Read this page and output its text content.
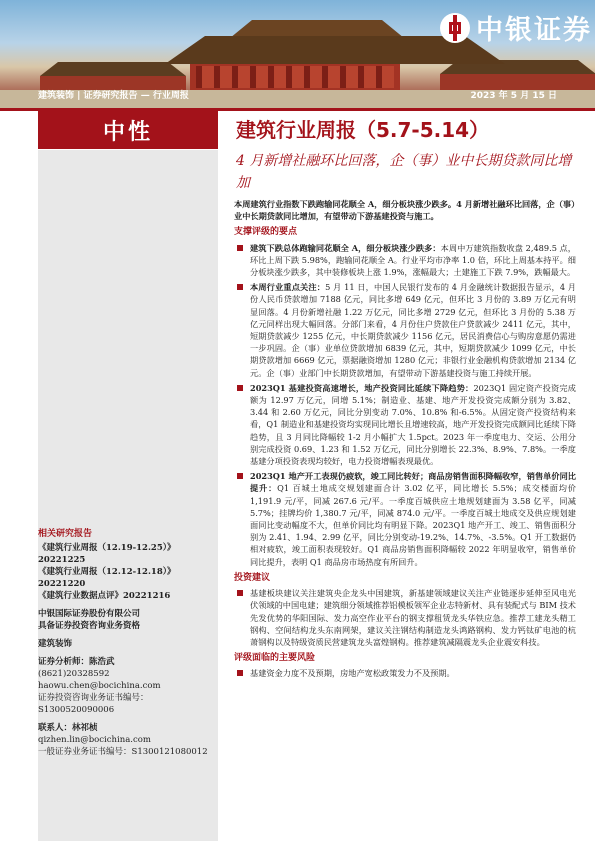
中银证券
建筑装饰 | 证券研究报告 — 行业周报	2023 年 5 月 15 日
中性	建筑行业周报（5.7-5.14）
4 月新增社融环比回落，企（事）业中长期贷款同比增加
相关研究报告
《建筑行业周报（12.19-12.25）》20221225
《建筑行业周报（12.12-12.18）》20221220
《建筑行业数据点评》20221216
中银国际证券股份有限公司
具备证券投资咨询业务资格
建筑装饰
证券分析师：陈浩武
(8621)20328592
haowu.chen@bocichina.com
证券投资咨询业务证书编号：S1300520090006
联系人：林祁桢
qizhen.lin@bocichina.com
一般证券业务证书编号：S1300121080012

本周建筑行业指数下跌跑输同花顺全 A，细分板块涨少跌多。4 月新增社融环比回落，企（事）业中长期贷款同比增加，有望带动下游基建投资与施工。

支撑评级的要点
建筑下跌总体跑输同花顺全 A，细分板块涨少跌多：本周中万建筑指数收盘 2,489.5 点，环比上周下跌 5.98%，跑输同花顺全 A。行业平均市净率 1.0 倍，环比上周基本持平。细分板块涨少跌多，其中装修板块上涨 1.9%，涨幅最大；土建施工下跌 7.9%，跌幅最大。
本周行业重点关注：5 月 11 日，中国人民银行发布的 4 月金融统计数据报告显示，4 月份人民币贷款增加 7188 亿元，同比多增 649 亿元，但环比 3 月份的 3.89 万亿元有明显回落。4 月份新增社融 1.22 万亿元，同比多增 2729 亿元，但环比 3 月份的 5.38 万亿元同样出现大幅回落。分部门来看，4 月份住户贷款住户贷款减少 2411 亿元，其中，短期贷款减少 1255 亿元，中长期贷款减少 1156 亿元，居民消费信心与购房意愿仍需进一步巩固。企（事）业单位贷款增加 6839 亿元，其中，短期贷款减少 1099 亿元，中长期贷款增加 6669 亿元，票据融资增加 1280 亿元；非银行业金融机构贷款增加 2134 亿元。企（事）业部门中长期贷款增加，有望带动下游基建投资与施工持续开展。
2023Q1 基建投资高速增长，地产投资同比延续下降趋势：2023Q1 固定资产投资完成额为 12.97 万亿元，同增 5.1%；制造业、基建、地产开发投资完成额分别为 3.82、3.44 和 2.60 万亿元，同比分别变动 7.0%、10.8% 和-6.5%。从固定资产投资结构来看，Q1 制造业和基建投资均实现同比增长且增速较高，地产开发投资完成额同比延续下降趋势，且 3 月同比降幅较 1-2 月小幅扩大 1.5pct。2023 年一季度电力、交运、公用分别完成投资 0.69、1.23 和 1.52 万亿元，同比分别增长 22.3%、8.9%、7.8%。一季度基建分项投资表现均较好，电力投资增幅表现最优。
2023Q1 地产开工表现仍疲软，竣工同比转好；商品房销售面积降幅收窄，销售单价同比提升：Q1 百城土地成交规划建面合计 3.02 亿平，同比增长 5.5%；成交楼面均价 1,191.9 元/平，同减 267.6 元/平。一季度百城供应土地规划建面为 3.58 亿平，同减 5.7%；挂牌均价 1,380.7 元/平，同减 874.0 元/平。一季度百城土地成交及供应规划建面同比变动幅度不大，但单价同比均有明显下降。2023Q1 地产开工、竣工、销售面积分别为 2.41、1.94、2.99 亿平，同比分别变动-19.2%、14.7%、-3.5%。Q1 开工数据仍相对疲软，竣工面积表现较好。Q1 商品房销售面积降幅较 2022 年明显收窄，销售单价同比提升，表明 Q1 商品房市场热度有所回升。
投资建议
基建板块建议关注建筑央企龙头中国建筑，新基建领域建议关注产业链逐步延伸至风电光伏领域的中国电建；建筑细分领域推荐铝模板领军企业志特新材、具有装配式与 BIM 技术先发优势的华阳国际、发力高空作业平台的钢支撑租赁龙头华铁应急。推荐工建龙头精工钢构、空间结构龙头东南网架，建议关注钢结构制造龙头鸿路钢构、发力钙钛矿电池的杭萧钢构以及特级资质民营建筑龙头富煌钢构。推荐建筑减隔震龙头企业震安科技。
评级面临的主要风险
基建资金力度不及预期，房地产宽松政策发力不及预期。
